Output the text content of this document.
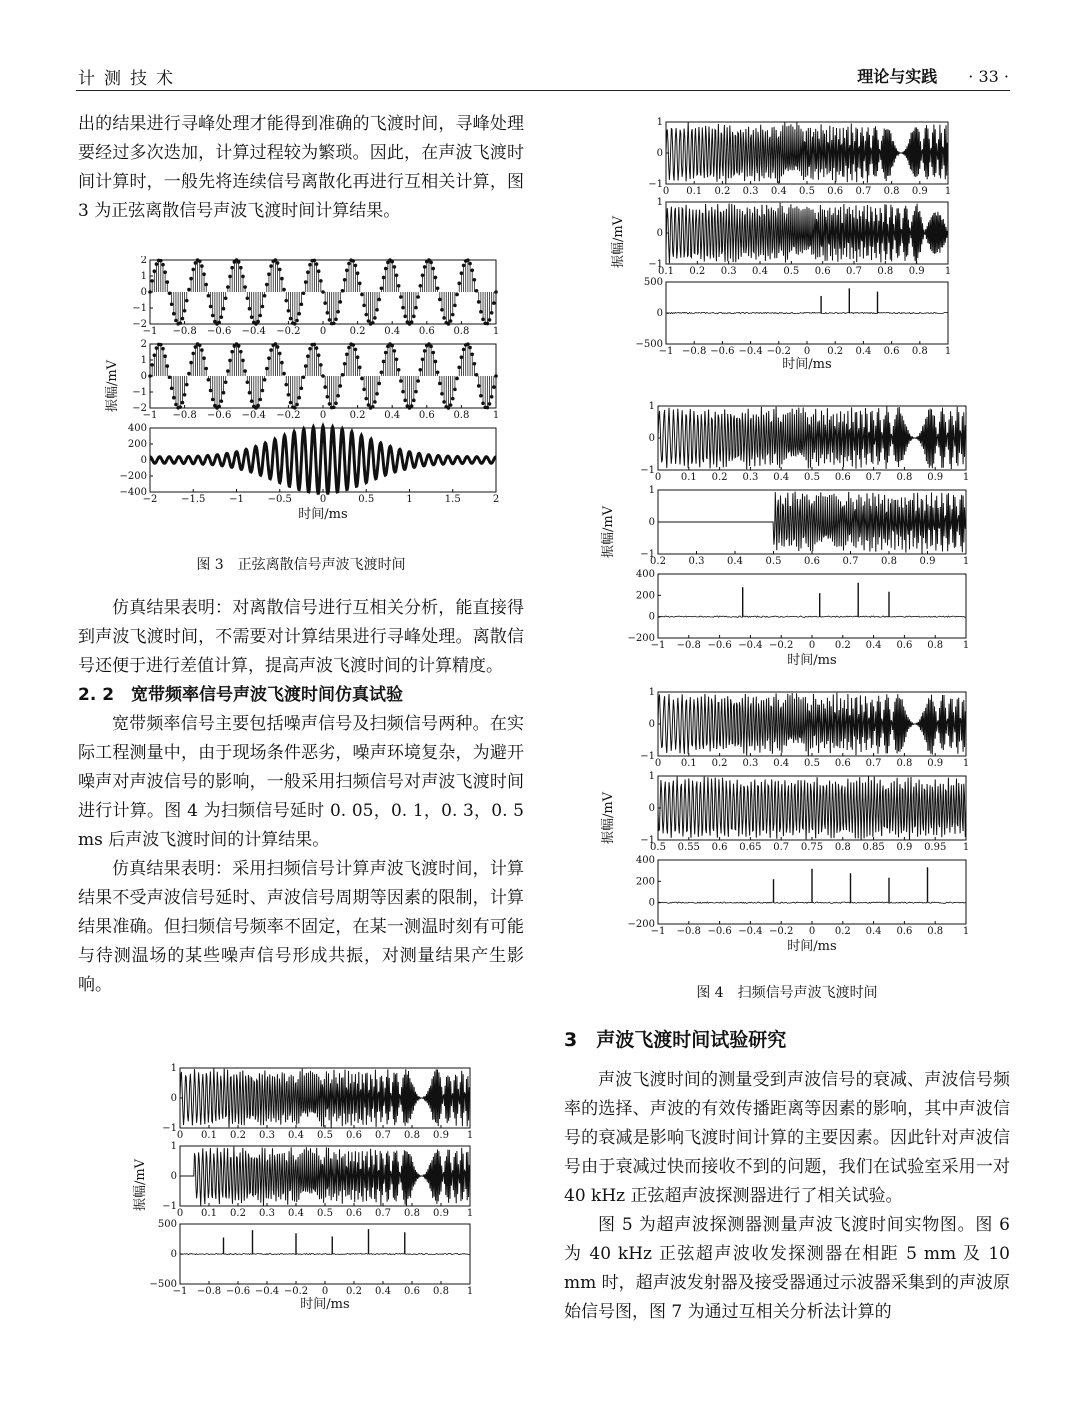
计测技术	理论与实践 · 33 ·

出的结果进行寻峰处理才能得到准确的飞渡时间，寻峰处理要经过多次迭加，计算过程较为繁琐。因此，在声波飞渡时间计算时，一般先将连续信号离散化再进行互相关计算，图 3 为正弦离散信号声波飞渡时间计算结果。

−1 −0.8 −0.6 −0.4 −0.2 0 0.2 0.4 0.6 0.8 1
2
1
0
−1
−2
−1 −0.8 −0.6 −0.4 −0.2 0 0.2 0.4 0.6 0.8 1
2
1
0
−1
−2
−2 −1.5 −1 −0.5	0	0.5	1	1.5	2
400
200
0
−200
−400
振幅/mV
时间/ms
图 3　正弦离散信号声波飞渡时间

仿真结果表明：对离散信号进行互相关分析，能直接得到声波飞渡时间，不需要对计算结果进行寻峰处理。离散信号还便于进行差值计算，提高声波飞渡时间的计算精度。

2. 2　宽带频率信号声波飞渡时间仿真试验

宽带频率信号主要包括噪声信号及扫频信号两种。在实际工程测量中，由于现场条件恶劣，噪声环境复杂，为避开噪声对声波信号的影响，一般采用扫频信号对声波飞渡时间进行计算。图 4 为扫频信号延时 0. 05，0. 1，0. 3，0. 5 ms 后声波飞渡时间的计算结果。

仿真结果表明：采用扫频信号计算声波飞渡时间，计算结果不受声波信号延时、声波信号周期等因素的限制，计算结果准确。但扫频信号频率不固定，在某一测温时刻有可能与待测温场的某些噪声信号形成共振，对测量结果产生影响。

0 0.1 0.2 0.3 0.4 0.5 0.6 0.7 0.8 0.9 1
1
0
−1
0 0.1 0.2 0.3 0.4 0.5 0.6 0.7 0.8 0.9 1
1
0
−1
−1 −0.8 −0.6 −0.4 −0.2 0 0.2 0.4 0.6 0.8 1
500
0
−500
振幅/mV
时间/ms
0 0.1 0.2 0.3 0.4 0.5 0.6 0.7 0.8 0.9 1
1
0
−1
0.1 0.2 0.3 0.4 0.5 0.6 0.7 0.8 0.9 1
1
0
−1
−1 −0.8 −0.6 −0.4 −0.2 0 0.2 0.4 0.6 0.8 1
500
0
−500
振幅/mV
时间/ms
0 0.1 0.2 0.3 0.4 0.5 0.6 0.7 0.8 0.9 1
1
0
−1
0.2 0.3 0.4 0.5 0.6 0.7 0.8 0.9	1
1
0
−1
−1 −0.8 −0.6 −0.4 −0.2 0 0.2 0.4 0.6 0.8 1
400
200
0
−200
振幅/mV
时间/ms
0 0.1 0.2 0.3 0.4 0.5 0.6 0.7 0.8 0.9 1
1
0
−1
0.5 0.55 0.6 0.65 0.7 0.75 0.8 0.85 0.9 0.95 1
1
0
−1
−1 −0.8 −0.6 −0.4 −0.2 0 0.2 0.4 0.6 0.8 1
400
200
0
−200
振幅/mV
时间/ms
图 4　扫频信号声波飞渡时间
3　声波飞渡时间试验研究

声波飞渡时间的测量受到声波信号的衰减、声波信号频率的选择、声波的有效传播距离等因素的影响，其中声波信号的衰减是影响飞渡时间计算的主要因素。因此针对声波信号由于衰减过快而接收不到的问题，我们在试验室采用一对 40 kHz 正弦超声波探测器进行了相关试验。

图 5 为超声波探测器测量声波飞渡时间实物图。图 6 为 40 kHz 正弦超声波收发探测器在相距 5 mm 及 10 mm 时，超声波发射器及接受器通过示波器采集到的声波原始信号图，图 7 为通过互相关分析法计算的
